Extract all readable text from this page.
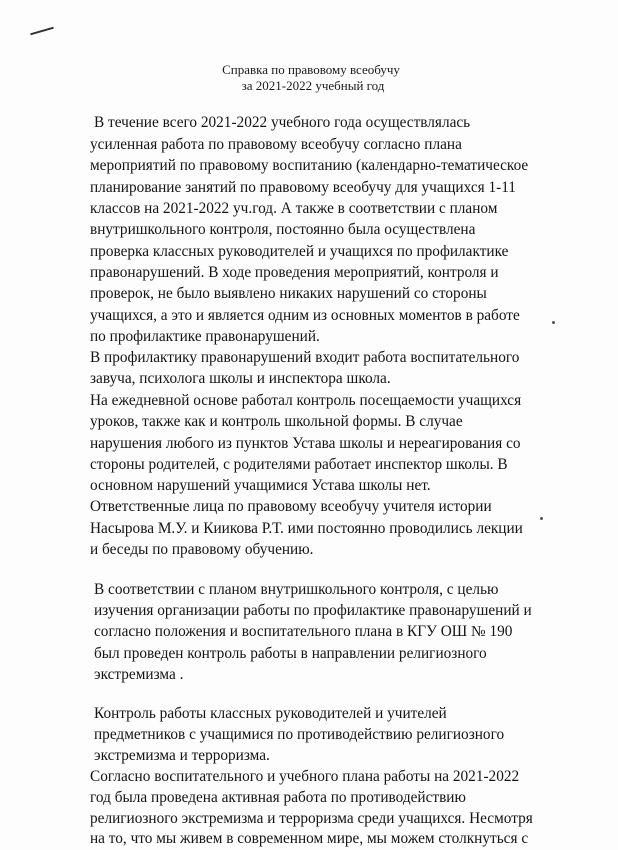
Справка по правовому всеобучу
за 2021-2022 учебный год
В течение всего 2021-2022 учебного года осуществлялась
усиленная работа по правовому всеобучу согласно плана
мероприятий по правовому воспитанию (календарно-тематическое
планирование занятий по правовому всеобучу для учащихся 1-11
классов на 2021-2022 уч.год. А также в соответствии с планом
внутришкольного контроля, постоянно была осуществлена
проверка классных руководителей и учащихся по профилактике
правонарушений. В ходе проведения мероприятий, контроля и
проверок, не было выявлено никаких нарушений со стороны
учащихся, а это и является одним из основных моментов в работе
по профилактике правонарушений.
В профилактику правонарушений входит работа воспитательного
завуча, психолога школы и инспектора школа.
На ежедневной основе работал контроль посещаемости учащихся
уроков, также как и контроль школьной формы. В случае
нарушения любого из пунктов Устава школы и нереагирования со
стороны родителей, с родителями работает инспектор школы. В
основном нарушений учащимися Устава школы нет.
Ответственные лица по правовому всеобучу учителя истории
Насырова М.У. и Киикова Р.Т. ими постоянно проводились лекции
и беседы по правовому обучению.
В соответствии с планом внутришкольного контроля, с целью
изучения организации работы по профилактике правонарушений и
согласно положения и воспитательного плана в КГУ ОШ № 190
был проведен контроль работы в направлении религиозного
экстремизма .
Контроль работы классных руководителей и учителей
предметников с учащимися по противодействию религиозного
экстремизма и терроризма.
Согласно воспитательного и учебного плана работы на 2021-2022
год была проведена активная работа по противодействию
религиозного экстремизма и терроризма среди учащихся. Несмотря
на то, что мы живем в современном мире, мы можем столкнуться с
